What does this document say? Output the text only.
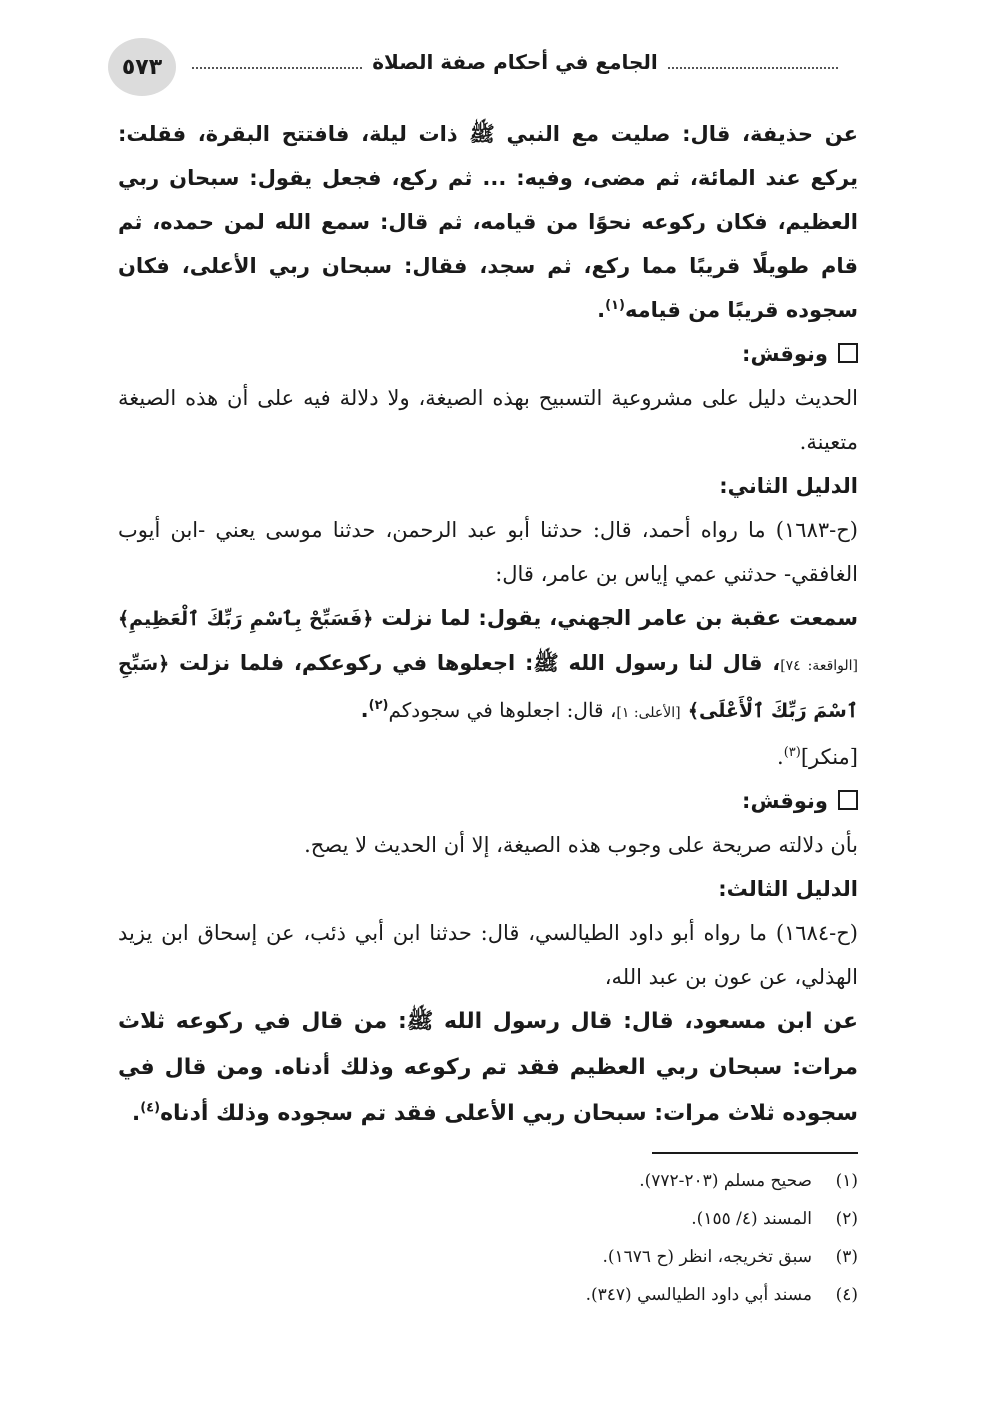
٥٧٣	الجامع في أحكام صفة الصلاة

عن حذيفة، قال: صليت مع النبي ﷺ ذات ليلة، فافتتح البقرة، فقلت: يركع عند المائة، ثم مضى، وفيه: ... ثم ركع، فجعل يقول: سبحان ربي العظيم، فكان ركوعه نحوًا من قيامه، ثم قال: سمع الله لمن حمده، ثم قام طويلًا قريبًا مما ركع، ثم سجد، فقال: سبحان ربي الأعلى، فكان سجوده قريبًا من قيامه$^{(١)}$.

ونوقش:

الحديث دليل على مشروعية التسبيح بهذه الصيغة، ولا دلالة فيه على أن هذه الصيغة متعينة.

الدليل الثاني:

(ح-١٦٨٣) ما رواه أحمد، قال: حدثنا أبو عبد الرحمن، حدثنا موسى يعني -ابن أيوب الغافقي- حدثني عمي إياس بن عامر، قال:

سمعت عقبة بن عامر الجهني، يقول: لما نزلت ﴿فَسَبِّحْ بِٱسْمِ رَبِّكَ ٱلْعَظِيمِ﴾ [الواقعة: ٧٤]، قال لنا رسول الله ﷺ: اجعلوها في ركوعكم، فلما نزلت ﴿سَبِّحِ ٱسْمَ رَبِّكَ ٱلْأَعْلَى﴾ [الأعلى: ١]، قال: اجعلوها في سجودكم$^{(٢)}$.

[منكر]$^{(٣)}$.

ونوقش:

بأن دلالته صريحة على وجوب هذه الصيغة، إلا أن الحديث لا يصح.

الدليل الثالث:

(ح-١٦٨٤) ما رواه أبو داود الطيالسي، قال: حدثنا ابن أبي ذئب، عن إسحاق ابن يزيد الهذلي، عن عون بن عبد الله،

عن ابن مسعود، قال: قال رسول الله ﷺ: من قال في ركوعه ثلاث مرات: سبحان ربي العظيم فقد تم ركوعه وذلك أدناه. ومن قال في سجوده ثلاث مرات: سبحان ربي الأعلى فقد تم سجوده وذلك أدناه$^{(٤)}$.

(١)
صحيح مسلم (٢٠٣-٧٧٢).
(٢)
المسند (٤/ ١٥٥).
(٣)
سبق تخريجه، انظر (ح ١٦٧٦).
(٤)
مسند أبي داود الطيالسي (٣٤٧).
